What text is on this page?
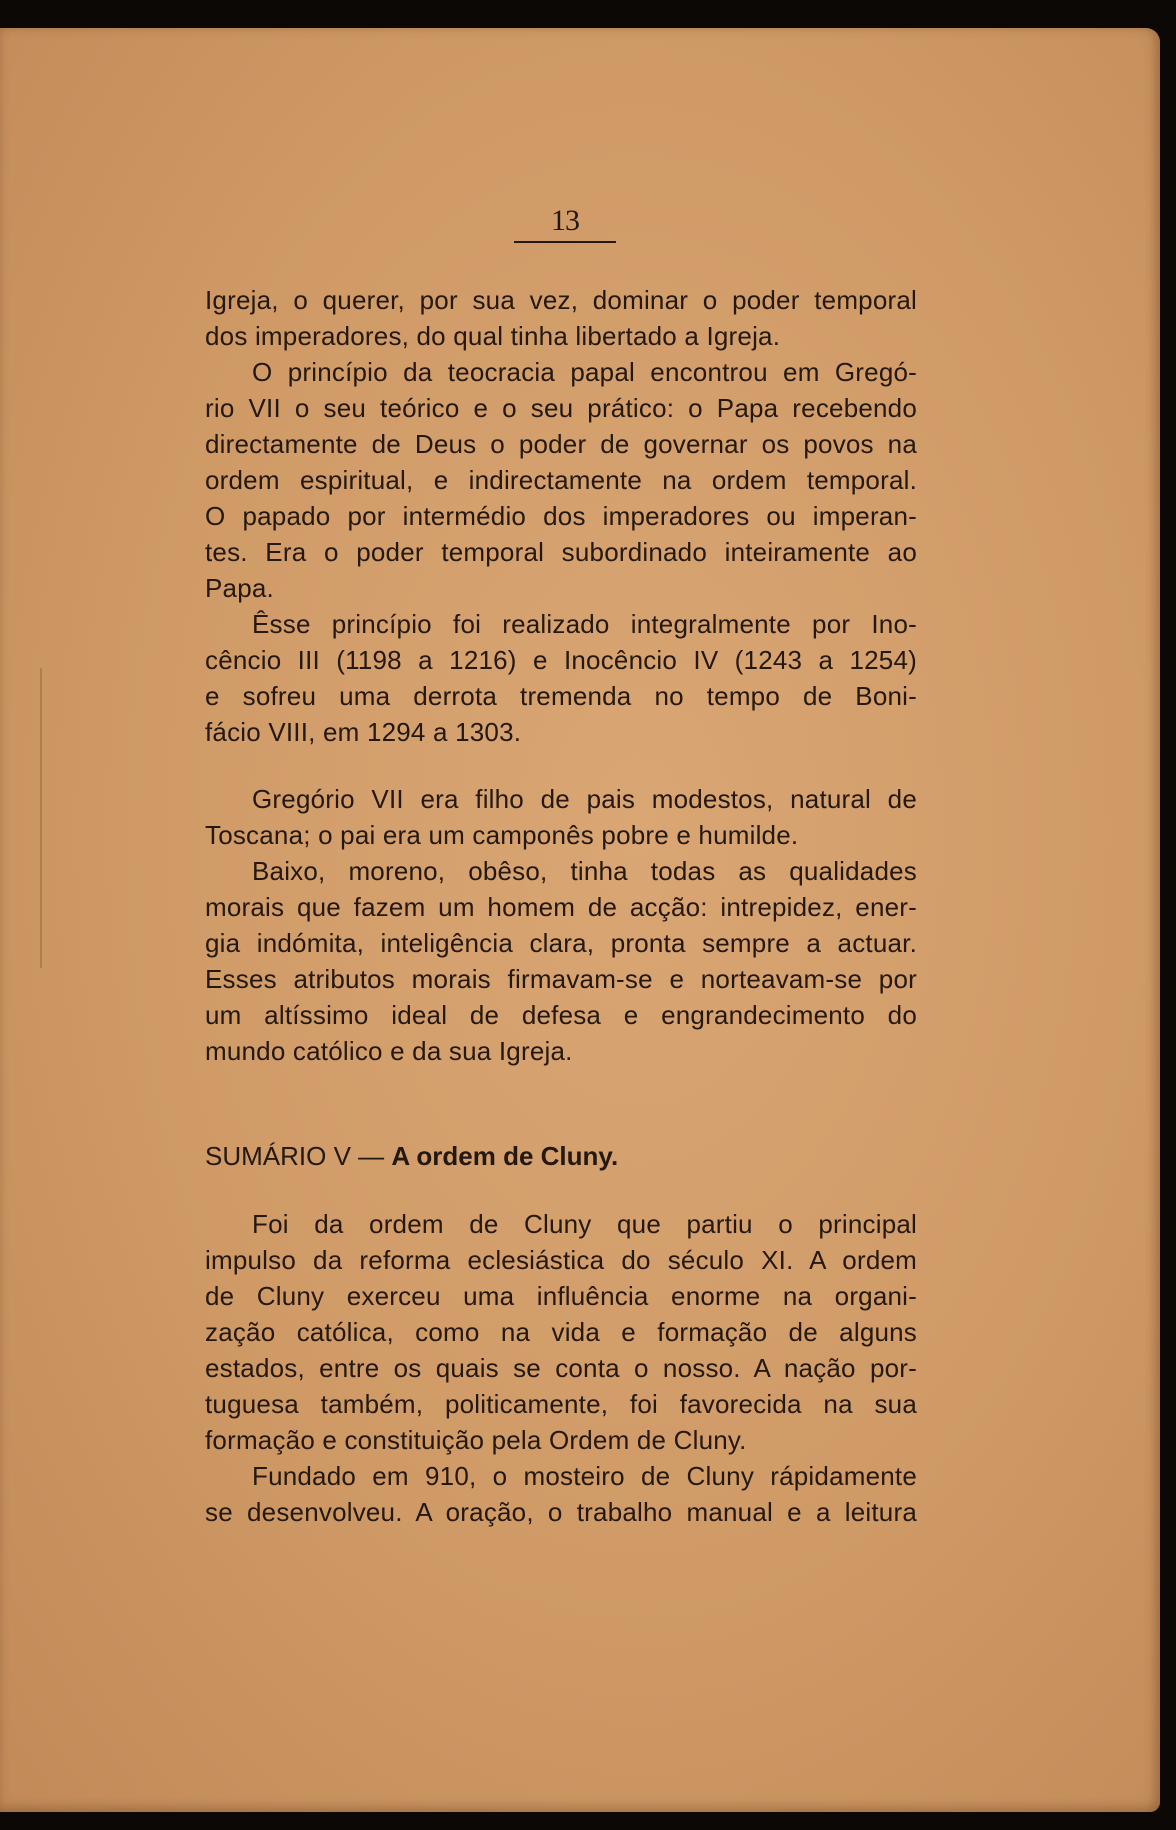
13
Igreja, o querer, por sua vez, dominar o poder temporal
dos imperadores, do qual tinha libertado a Igreja.
O princípio da teocracia papal encontrou em Gregó-
rio VII o seu teórico e o seu prático: o Papa recebendo
directamente de Deus o poder de governar os povos na
ordem espiritual, e indirectamente na ordem temporal.
O papado por intermédio dos imperadores ou imperan-
tes. Era o poder temporal subordinado inteiramente ao
Papa.
Êsse princípio foi realizado integralmente por Ino-
cêncio III (1198 a 1216) e Inocêncio IV (1243 a 1254)
e sofreu uma derrota tremenda no tempo de Boni-
fácio VIII, em 1294 a 1303.
Gregório VII era filho de pais modestos, natural de
Toscana; o pai era um camponês pobre e humilde.
Baixo, moreno, obêso, tinha todas as qualidades
morais que fazem um homem de acção: intrepidez, ener-
gia indómita, inteligência clara, pronta sempre a actuar.
Esses atributos morais firmavam-se e norteavam-se por
um altíssimo ideal de defesa e engrandecimento do
mundo católico e da sua Igreja.
Foi da ordem de Cluny que partiu o principal
impulso da reforma eclesiástica do século XI. A ordem
de Cluny exerceu uma influência enorme na organi-
zação católica, como na vida e formação de alguns
estados, entre os quais se conta o nosso. A nação por-
tuguesa também, politicamente, foi favorecida na sua
formação e constituição pela Ordem de Cluny.
Fundado em 910, o mosteiro de Cluny rápidamente
se desenvolveu. A oração, o trabalho manual e a leitura
SUMÁRIO V — A ordem de Cluny.
